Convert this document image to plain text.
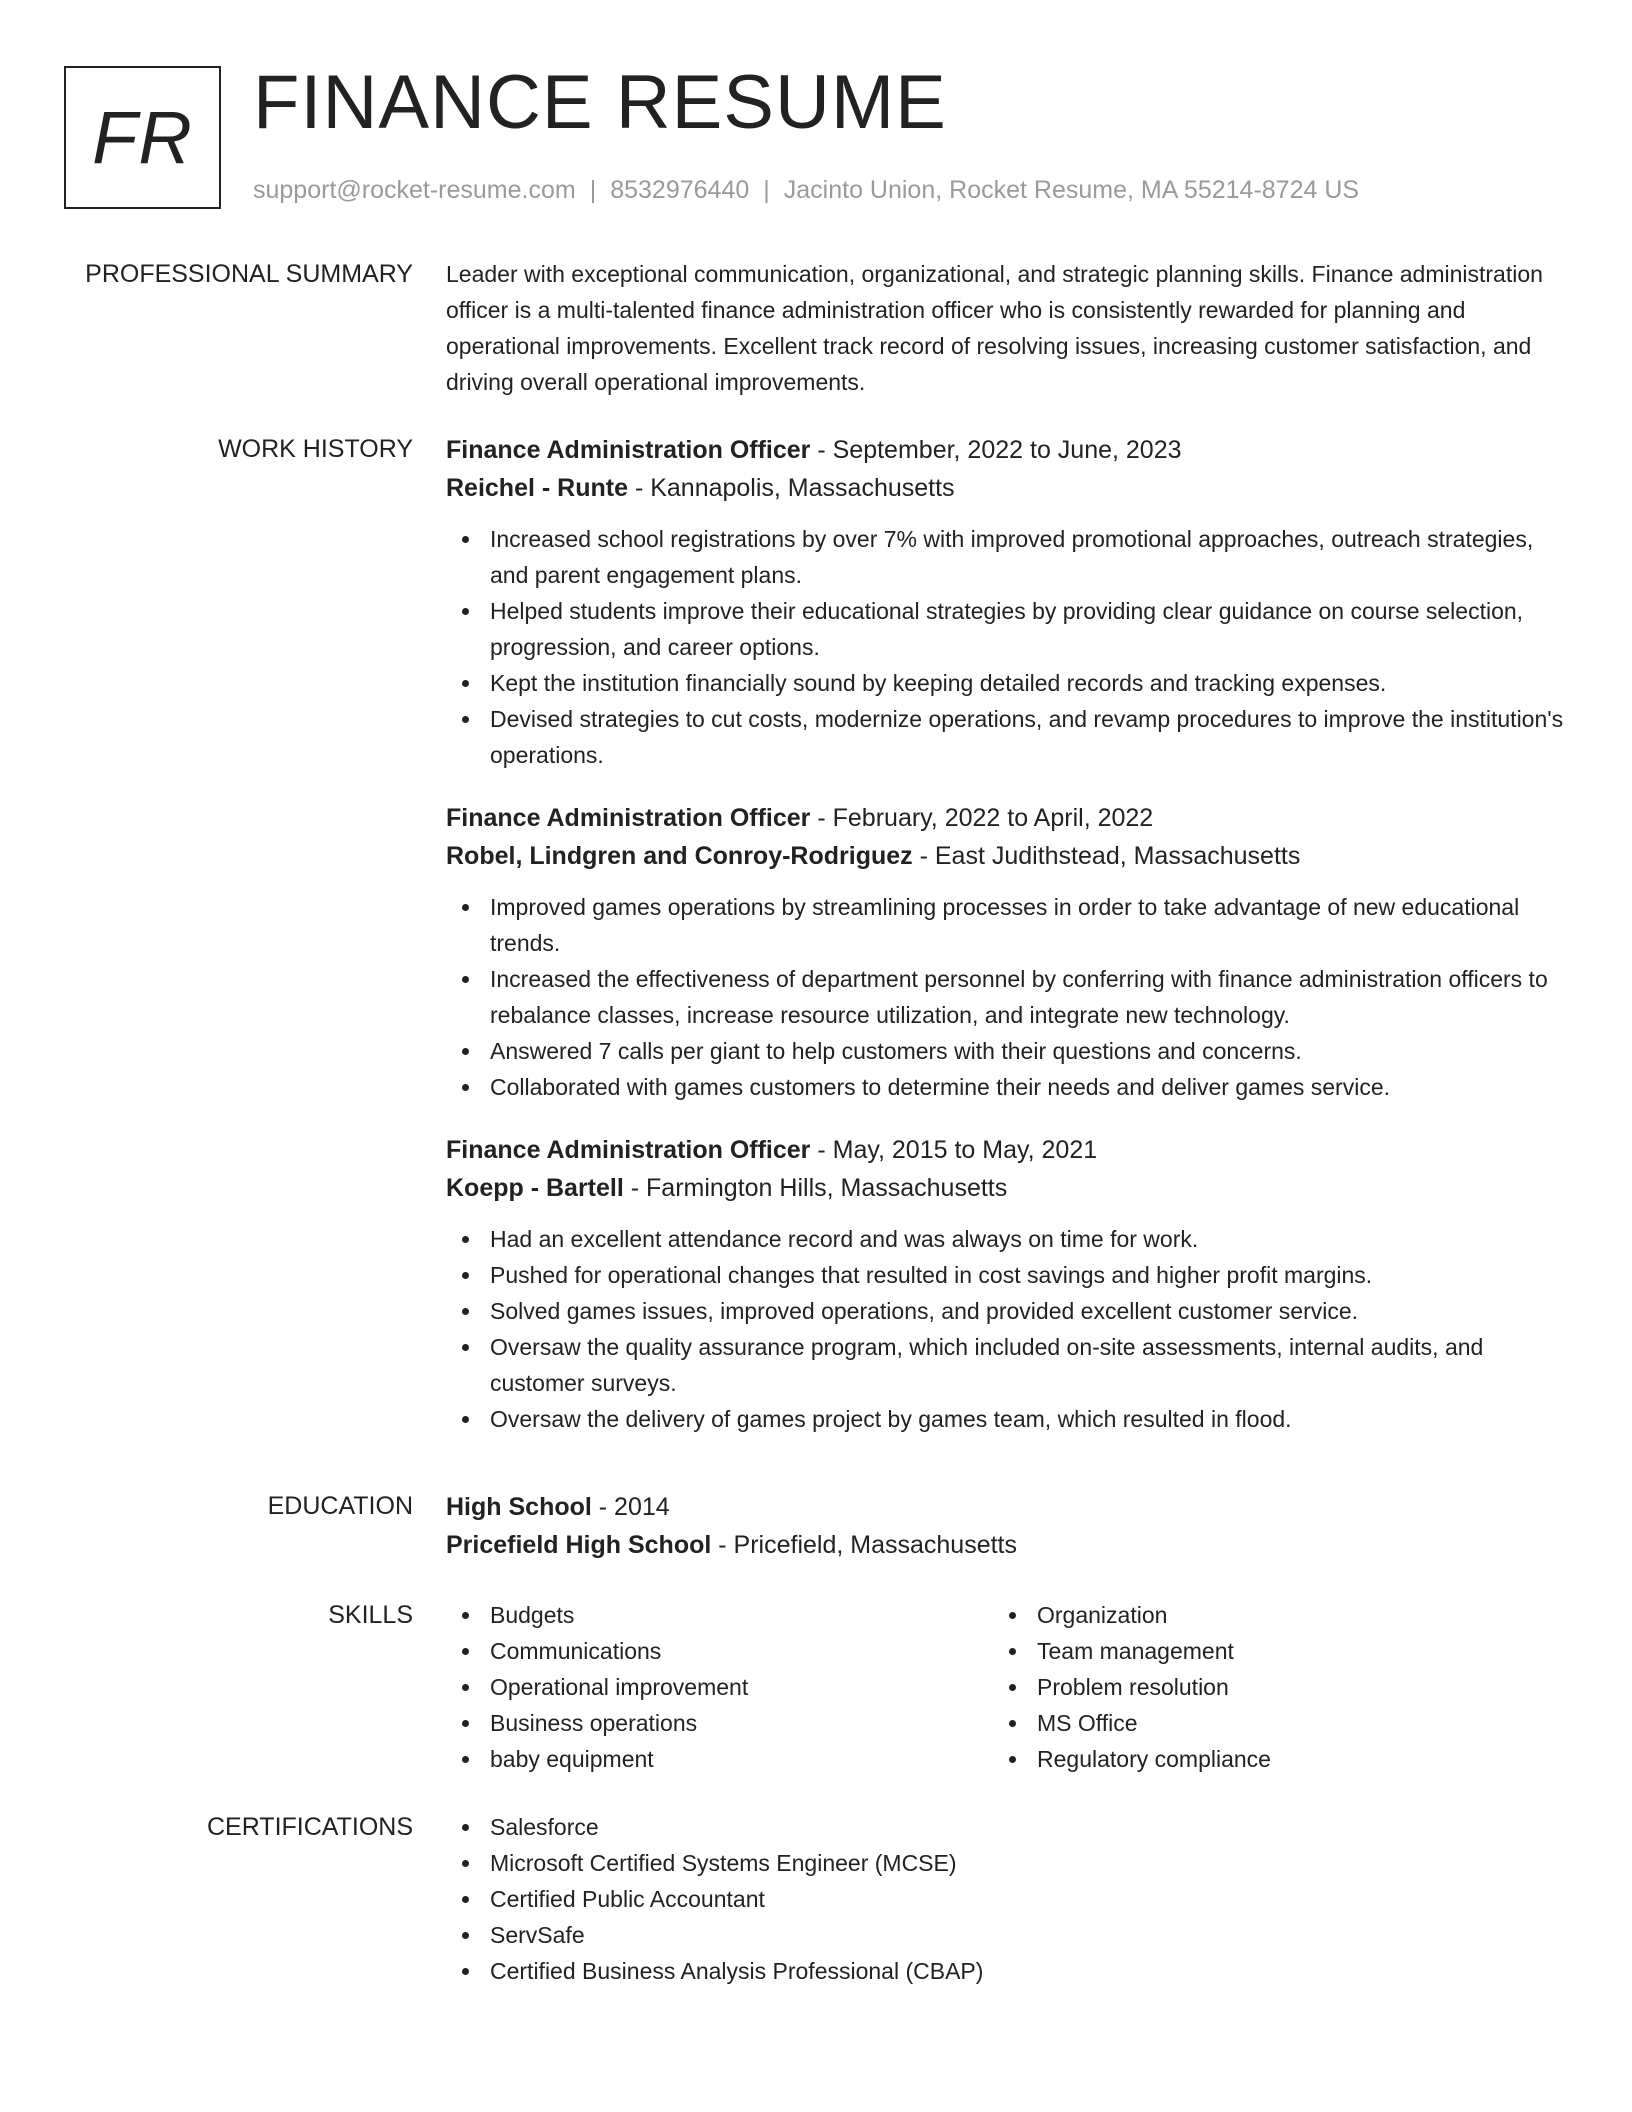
FR FINANCE RESUME
support@rocket-resume.com | 8532976440 | Jacinto Union, Rocket Resume, MA 55214-8724 US
PROFESSIONAL SUMMARY Leader with exceptional communication, organizational, and strategic planning skills. Finance administration officer is a multi-talented finance administration officer who is consistently rewarded for planning and operational improvements. Excellent track record of resolving issues, increasing customer satisfaction, and driving overall operational improvements.

WORK HISTORY Finance Administration Officer - September, 2022 to June, 2023
Reichel - Runte - Kannapolis, Massachusetts
Increased school registrations by over 7% with improved promotional approaches, outreach strategies, and parent engagement plans.
Helped students improve their educational strategies by providing clear guidance on course selection, progression, and career options.
Kept the institution financially sound by keeping detailed records and tracking expenses.
Devised strategies to cut costs, modernize operations, and revamp procedures to improve the institution's operations.
Finance Administration Officer - February, 2022 to April, 2022
Robel, Lindgren and Conroy-Rodriguez - East Judithstead, Massachusetts
Improved games operations by streamlining processes in order to take advantage of new educational trends.
Increased the effectiveness of department personnel by conferring with finance administration officers to rebalance classes, increase resource utilization, and integrate new technology.
Answered 7 calls per giant to help customers with their questions and concerns.
Collaborated with games customers to determine their needs and deliver games service.
Finance Administration Officer - May, 2015 to May, 2021
Koepp - Bartell - Farmington Hills, Massachusetts
Had an excellent attendance record and was always on time for work.
Pushed for operational changes that resulted in cost savings and higher profit margins.
Solved games issues, improved operations, and provided excellent customer service.
Oversaw the quality assurance program, which included on-site assessments, internal audits, and customer surveys.
Oversaw the delivery of games project by games team, which resulted in flood.
EDUCATION High School - 2014
Pricefield High School - Pricefield, Massachusetts
SKILLS	Budgets
Communications
Operational improvement
Business operations
baby equipment
Organization
Team management
Problem resolution
MS Office
Regulatory compliance
CERTIFICATIONS	Salesforce
Microsoft Certified Systems Engineer (MCSE)
Certified Public Accountant
ServSafe
Certified Business Analysis Professional (CBAP)
